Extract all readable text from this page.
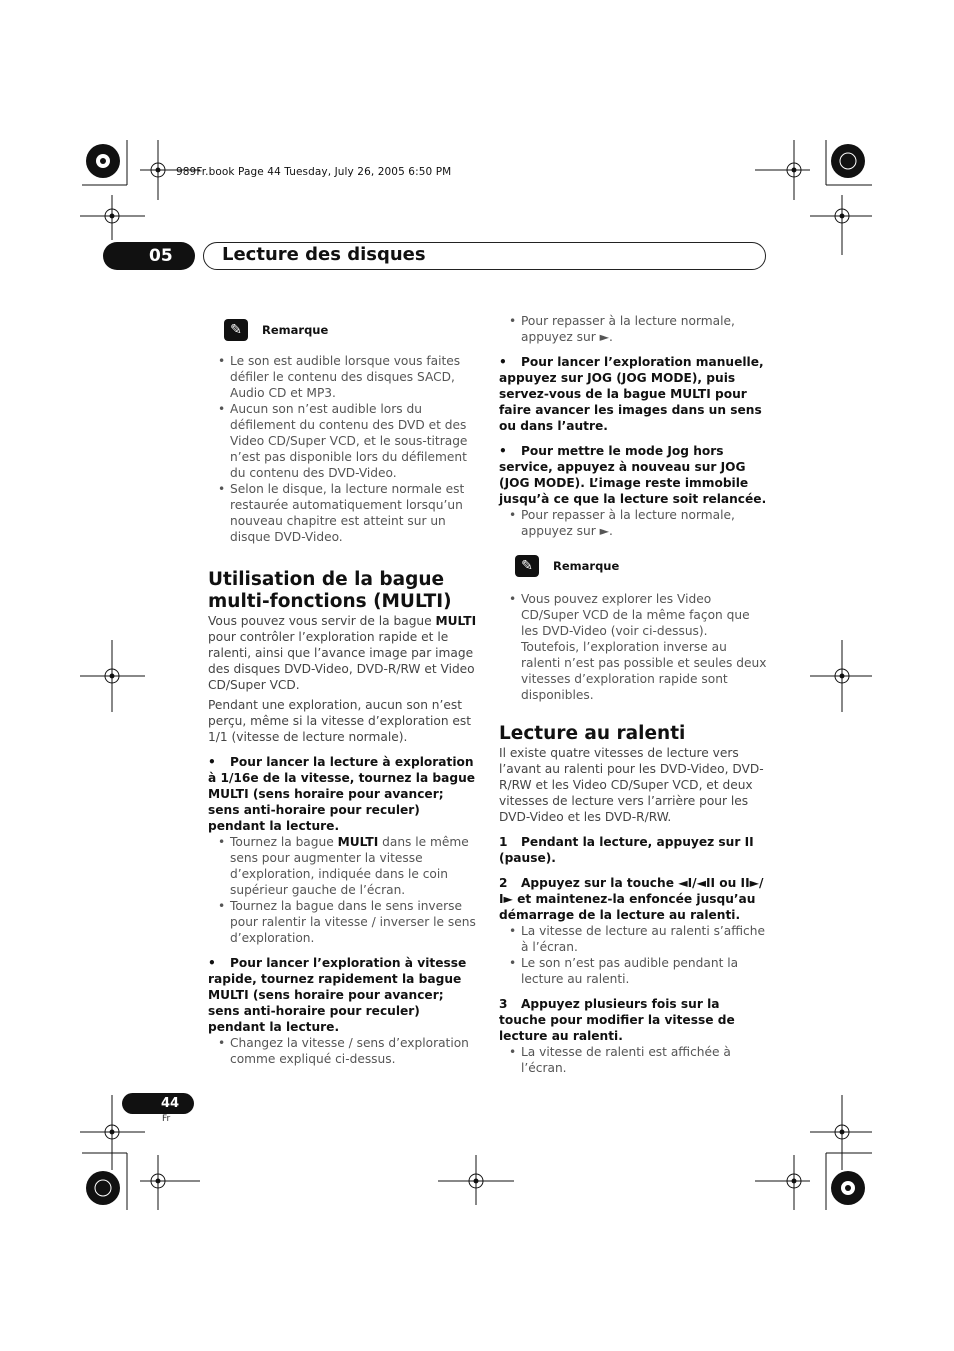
989Fr.book Page 44 Tuesday, July 26, 2005 6:50 PM
05	Lecture des disques
✎	Remarque

• Le son est audible lorsque vous faites défiler le contenu des disques SACD, Audio CD et MP3.

• Aucun son n’est audible lors du défilement du contenu des DVD et des Video CD/Super VCD, et le sous-titrage n’est pas disponible lors du défilement du contenu des DVD-Video.

• Selon le disque, la lecture normale est restaurée automatiquement lorsqu’un nouveau chapitre est atteint sur un disque DVD-Video.

Utilisation de la bague multi-fonctions (MULTI)

Vous pouvez vous servir de la bague MULTI pour contrôler l’exploration rapide et le ralenti, ainsi que l’avance image par image des disques DVD-Video, DVD-R/RW et Video CD/Super VCD.

Pendant une exploration, aucun son n’est perçu, même si la vitesse d’exploration est 1/1 (vitesse de lecture normale).

• Pour lancer la lecture à exploration à 1/16e de la vitesse, tournez la bague MULTI (sens horaire pour avancer; sens anti-horaire pour reculer) pendant la lecture.

• Tournez la bague MULTI dans le même sens pour augmenter la vitesse d’exploration, indiquée dans le coin supérieur gauche de l’écran.

• Tournez la bague dans le sens inverse pour ralentir la vitesse / inverser le sens d’exploration.

• Pour lancer l’exploration à vitesse rapide, tournez rapidement la bague MULTI (sens horaire pour avancer; sens anti-horaire pour reculer) pendant la lecture.

• Changez la vitesse / sens d’exploration comme expliqué ci-dessus.

• Pour repasser à la lecture normale, appuyez sur ►.

• Pour lancer l’exploration manuelle, appuyez sur JOG (JOG MODE), puis servez-vous de la bague MULTI pour faire avancer les images dans un sens ou dans l’autre.

• Pour mettre le mode Jog hors service, appuyez à nouveau sur JOG (JOG MODE). L’image reste immobile jusqu’à ce que la lecture soit relancée.

• Pour repasser à la lecture normale, appuyez sur ►.

✎	Remarque

• Vous pouvez explorer les Video CD/Super VCD de la même façon que les DVD-Video (voir ci-dessus). Toutefois, l’exploration inverse au ralenti n’est pas possible et seules deux vitesses d’exploration rapide sont disponibles.

Lecture au ralenti

Il existe quatre vitesses de lecture vers l’avant au ralenti pour les DVD-Video, DVD-R/RW et les Video CD/Super VCD, et deux vitesses de lecture vers l’arrière pour les DVD-Video et les DVD-R/RW.

1 Pendant la lecture, appuyez sur II (pause).

2 Appuyez sur la touche ◄I/◄II ou II►/ I► et maintenez-la enfoncée jusqu’au démarrage de la lecture au ralenti.

• La vitesse de lecture au ralenti s’affiche à l’écran.

• Le son n’est pas audible pendant la lecture au ralenti.

3 Appuyez plusieurs fois sur la touche pour modifier la vitesse de lecture au ralenti.

• La vitesse de ralenti est affichée à l’écran.

44
Fr
